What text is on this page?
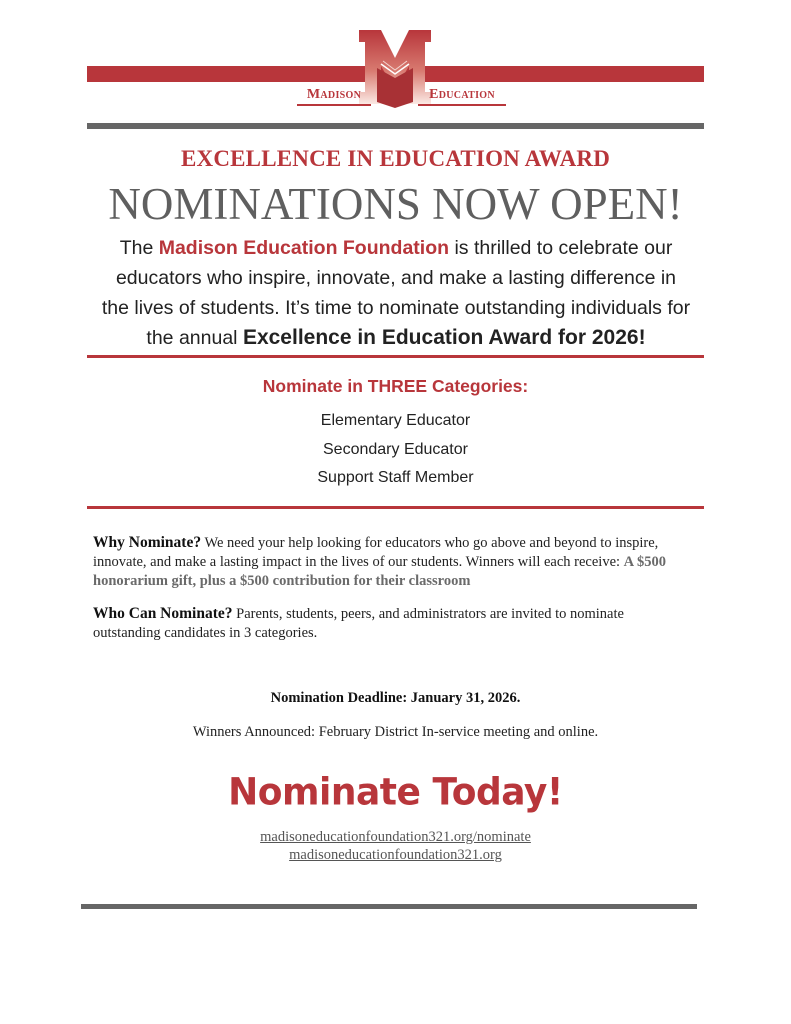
Madison	Education
EXCELLENCE IN EDUCATION AWARD
NOMINATIONS NOW OPEN!
The Madison Education Foundation is thrilled to celebrate our educators who inspire, innovate, and make a lasting difference in the lives of students. It’s time to nominate outstanding individuals for the annual Excellence in Education Award for 2026!
Nominate in THREE Categories:
Elementary Educator
Secondary Educator
Support Staff Member

Why Nominate? We need your help looking for educators who go above and beyond to inspire, innovate, and make a lasting impact in the lives of our students. Winners will each receive: A $500 honorarium gift, plus a $500 contribution for their classroom

Who Can Nominate? Parents, students, peers, and administrators are invited to nominate outstanding candidates in 3 categories.

Nomination Deadline: January 31, 2026.
Winners Announced: February District In-service meeting and online.
Nominate Today!
madisoneducationfoundation321.org/nominate
madisoneducationfoundation321.org
